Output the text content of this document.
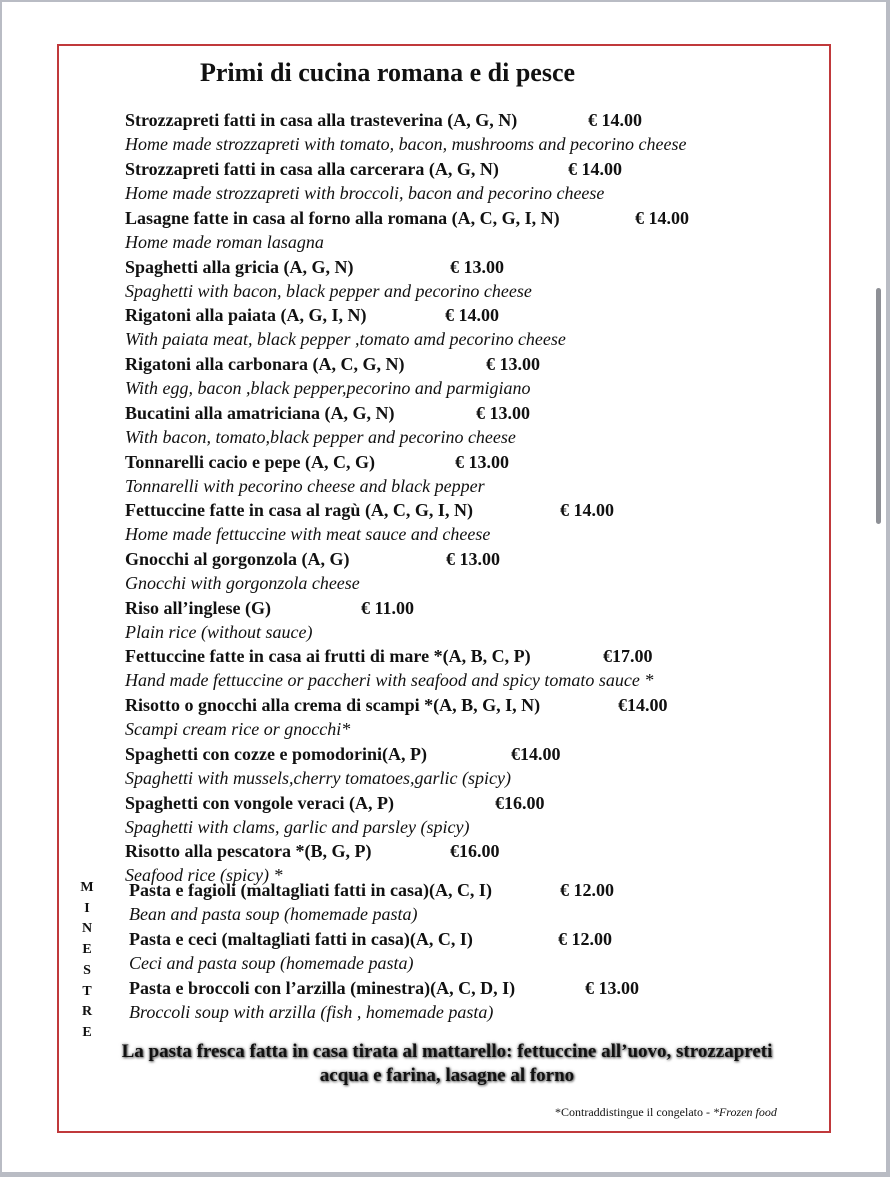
Primi di cucina romana e di pesce
Strozzapreti fatti in casa alla trasteverina (A, G, N)	€ 14.00
Home made strozzapreti with tomato, bacon, mushrooms and pecorino cheese
Strozzapreti fatti in casa alla carcerara (A, G, N)	€ 14.00
Home made strozzapreti with broccoli, bacon and pecorino cheese
Lasagne fatte in casa al forno alla romana (A, C, G, I, N)	€ 14.00
Home made roman lasagna
Spaghetti alla gricia (A, G, N)	€ 13.00
Spaghetti with bacon, black pepper and pecorino cheese
Rigatoni alla paiata (A, G, I, N)	€ 14.00
With paiata meat, black pepper ,tomato amd pecorino cheese
Rigatoni alla carbonara (A, C, G, N)	€ 13.00
With egg, bacon ,black pepper,pecorino and parmigiano
Bucatini alla amatriciana (A, G, N)	€ 13.00
With bacon, tomato,black pepper and pecorino cheese
Tonnarelli cacio e pepe (A, C, G)	€ 13.00
Tonnarelli with pecorino cheese and black pepper
Fettuccine fatte in casa al ragù (A, C, G, I, N)	€ 14.00
Home made fettuccine with meat sauce and cheese
Gnocchi al gorgonzola (A, G)	€ 13.00
Gnocchi with gorgonzola cheese
Riso all’inglese (G)	€ 11.00
Plain rice (without sauce)
Fettuccine fatte in casa ai frutti di mare *(A, B, C, P)	€17.00
Hand made fettuccine or paccheri with seafood and spicy tomato sauce *
Risotto o gnocchi alla crema di scampi *(A, B, G, I, N)	€14.00
Scampi cream rice or gnocchi*
Spaghetti con cozze e pomodorini(A, P)	€14.00
Spaghetti with mussels,cherry tomatoes,garlic (spicy)
Spaghetti con vongole veraci (A, P)	€16.00
Spaghetti with clams, garlic and parsley (spicy)
Risotto alla pescatora *(B, G, P)	€16.00
Seafood rice (spicy) *
M
I
N
E
S
T
R
E
Pasta e fagioli (maltagliati fatti in casa)(A, C, I)	€ 12.00
Bean and pasta soup (homemade pasta)
Pasta e ceci (maltagliati fatti in casa)(A, C, I)	€ 12.00
Ceci and pasta soup (homemade pasta)
Pasta e broccoli con l’arzilla (minestra)(A, C, D, I)	€ 13.00
Broccoli soup with arzilla (fish , homemade pasta)
La pasta fresca fatta in casa tirata al mattarello: fettuccine all’uovo, strozzapreti
acqua e farina, lasagne al forno
*Contraddistingue il congelato - *Frozen food
